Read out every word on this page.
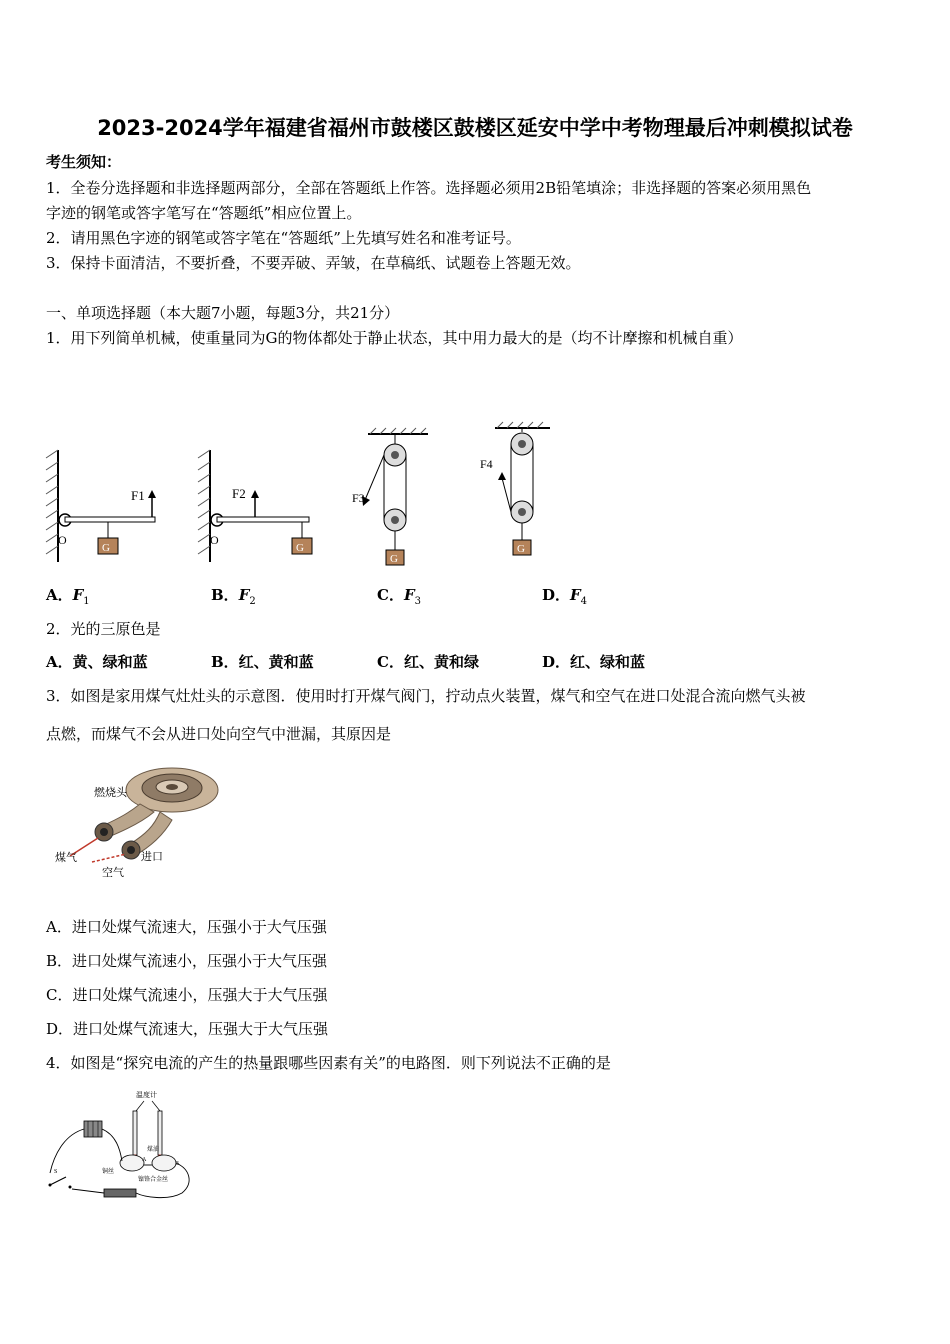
2023-2024学年福建省福州市鼓楼区鼓楼区延安中学中考物理最后冲刺模拟试卷
考生须知：
1．全卷分选择题和非选择题两部分，全部在答题纸上作答。选择题必须用2B铅笔填涂；非选择题的答案必须用黑色
字迹的钢笔或答字笔写在“答题纸”相应位置上。
2．请用黑色字迹的钢笔或答字笔在“答题纸”上先填写姓名和准考证号。
3．保持卡面清洁，不要折叠，不要弄破、弄皱，在草稿纸、试题卷上答题无效。
一、单项选择题（本大题7小题，每题3分，共21分）
1．用下列简单机械，使重量同为G的物体都处于静止状态，其中用力最大的是（均不计摩擦和机械自重）
F1
G
O
F2
G
O
F3
G
F4
G
A．$F_1$	B．$F_2$	C．$F_3$	D．$F_4$
2．光的三原色是
A．黄、绿和蓝	B．红、黄和蓝	C．红、黄和绿	D．红、绿和蓝
3．如图是家用煤气灶灶头的示意图．使用时打开煤气阀门，拧动点火装置，煤气和空气在进口处混合流向燃气头被
点燃，而煤气不会从进口处向空气中泄漏，其原因是
燃烧头
煤气	进口
空气
A．进口处煤气流速大，压强小于大气压强
B．进口处煤气流速小，压强小于大气压强
C．进口处煤气流速小，压强大于大气压强
D．进口处煤气流速大，压强大于大气压强
4．如图是“探究电流的产生的热量跟哪些因素有关”的电路图．则下列说法不正确的是
温度计
A
B
煤油
铜丝
镍铬合金丝
S
